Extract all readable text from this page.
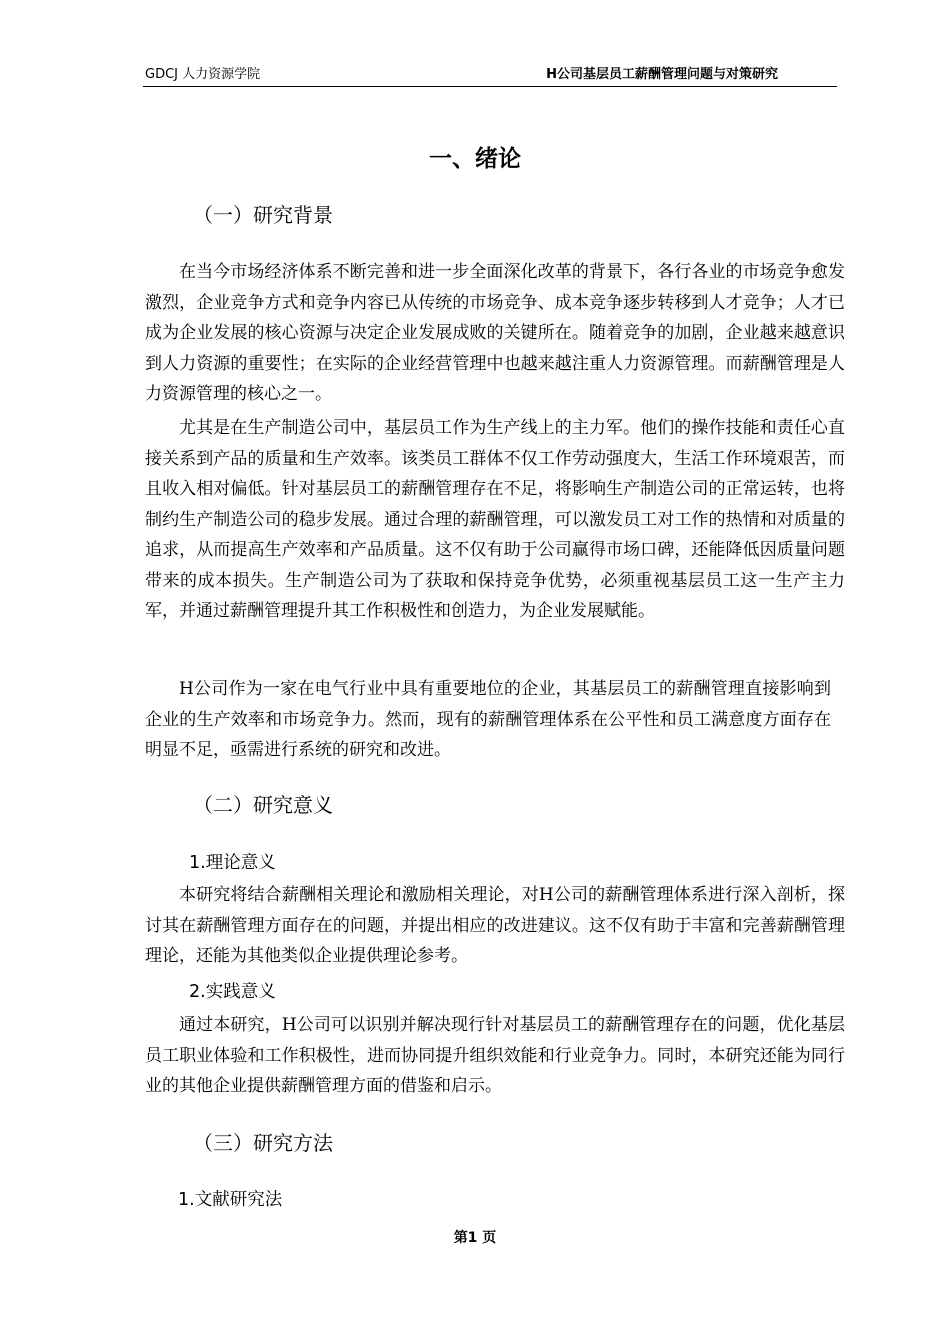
GDCJ 人力资源学院	H公司基层员工薪酬管理问题与对策研究
一、绪论
（一）研究背景

在当今市场经济体系不断完善和进一步全面深化改革的背景下，各行各业的市场竞争愈发激烈，企业竞争方式和竞争内容已从传统的市场竞争、成本竞争逐步转移到人才竞争；人才已成为企业发展的核心资源与决定企业发展成败的关键所在。随着竞争的加剧，企业越来越意识到人力资源的重要性；在实际的企业经营管理中也越来越注重人力资源管理。而薪酬管理是人力资源管理的核心之一。

尤其是在生产制造公司中，基层员工作为生产线上的主力军。他们的操作技能和责任心直接关系到产品的质量和生产效率。该类员工群体不仅工作劳动强度大，生活工作环境艰苦，而且收入相对偏低。针对基层员工的薪酬管理存在不足，将影响生产制造公司的正常运转，也将制约生产制造公司的稳步发展。通过合理的薪酬管理，可以激发员工对工作的热情和对质量的追求，从而提高生产效率和产品质量。这不仅有助于公司赢得市场口碑，还能降低因质量问题带来的成本损失。生产制造公司为了获取和保持竞争优势，必须重视基层员工这一生产主力军，并通过薪酬管理提升其工作积极性和创造力，为企业发展赋能。

H公司作为一家在电气行业中具有重要地位的企业，其基层员工的薪酬管理直接影响到企业的生产效率和市场竞争力。然而，现有的薪酬管理体系在公平性和员工满意度方面存在明显不足，亟需进行系统的研究和改进。

（二）研究意义
1.理论意义

本研究将结合薪酬相关理论和激励相关理论，对H公司的薪酬管理体系进行深入剖析，探讨其在薪酬管理方面存在的问题，并提出相应的改进建议。这不仅有助于丰富和完善薪酬管理理论，还能为其他类似企业提供理论参考。

2.实践意义

通过本研究，H公司可以识别并解决现行针对基层员工的薪酬管理存在的问题，优化基层员工职业体验和工作积极性，进而协同提升组织效能和行业竞争力。同时，本研究还能为同行业的其他企业提供薪酬管理方面的借鉴和启示。

（三）研究方法
1.文献研究法
第1 页
